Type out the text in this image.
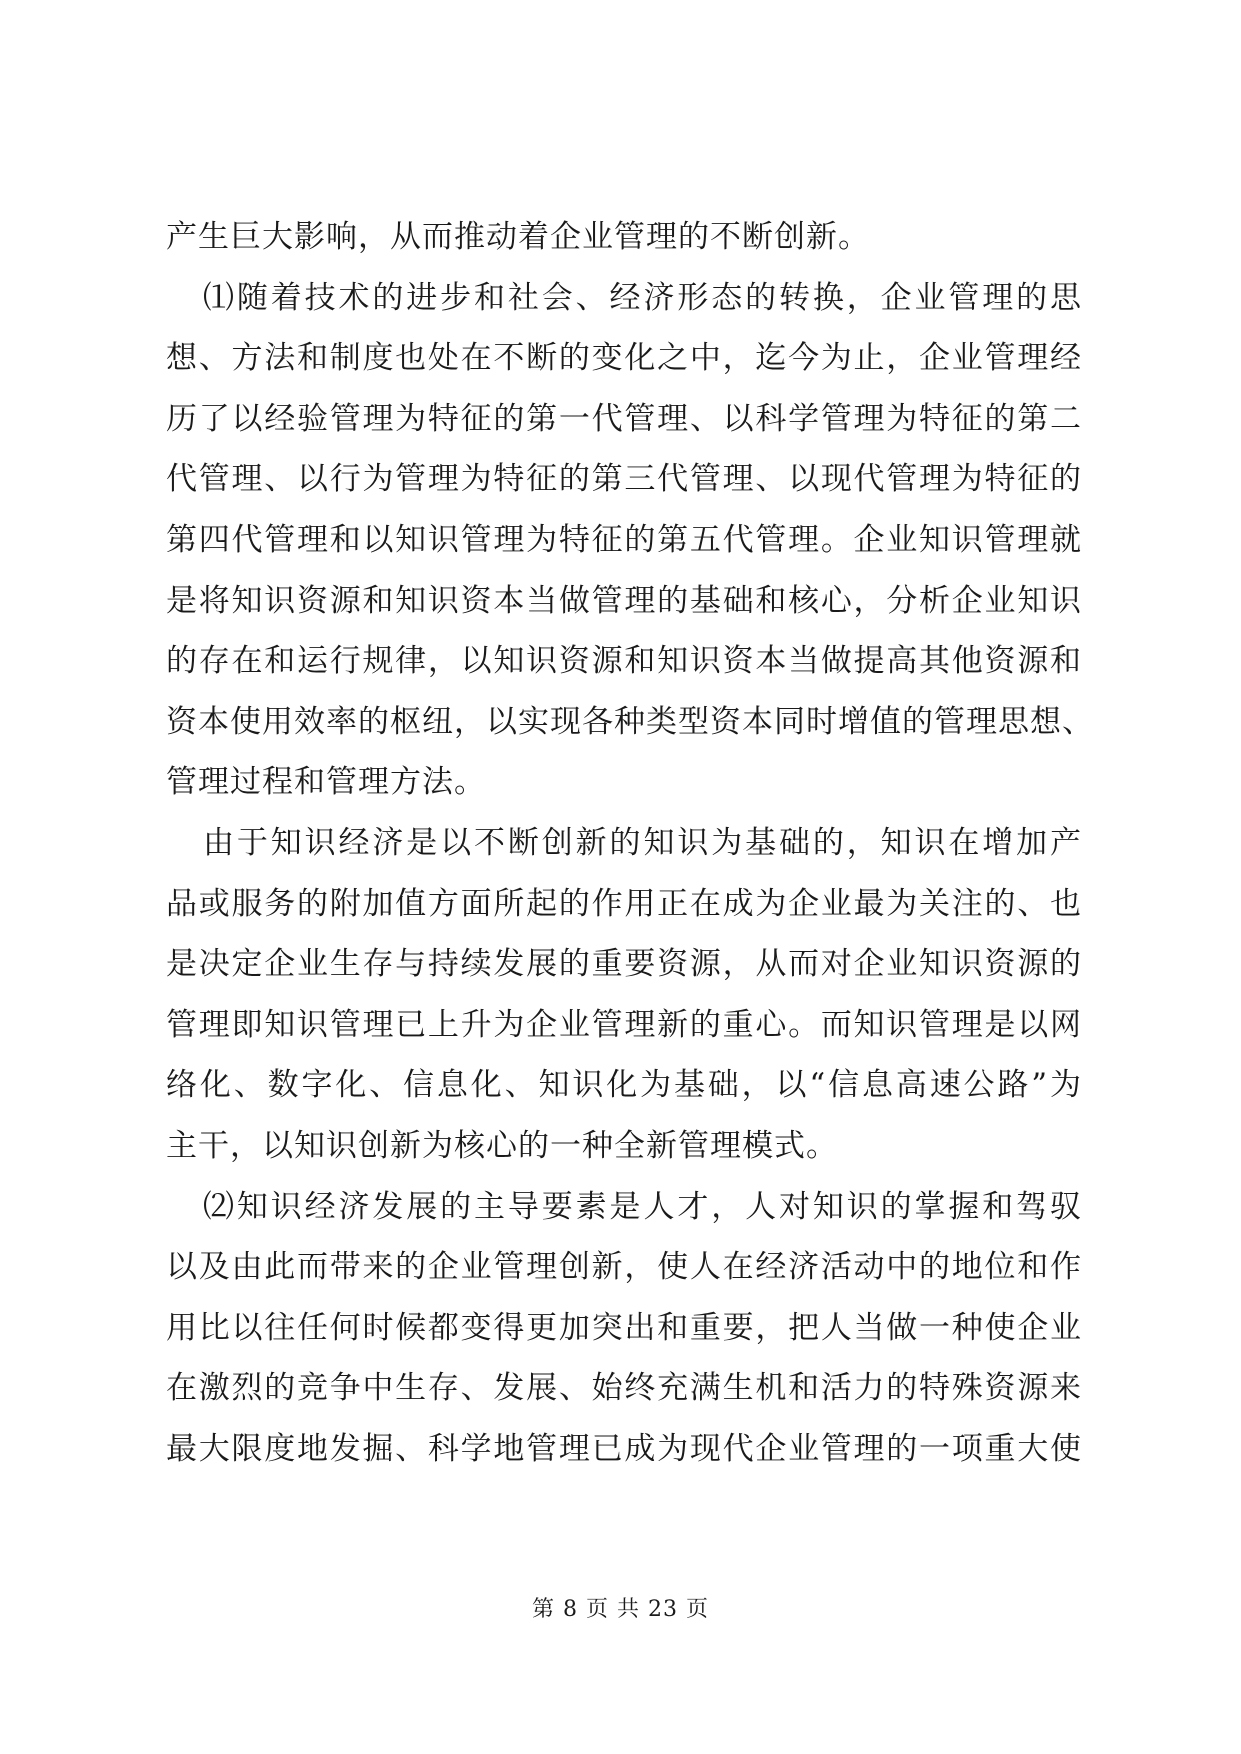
产生巨大影响，从而推动着企业管理的不断创新。
⑴随着技术的进步和社会、经济形态的转换，企业管理的思
想、方法和制度也处在不断的变化之中，迄今为止，企业管理经
历了以经验管理为特征的第一代管理、以科学管理为特征的第二
代管理、以行为管理为特征的第三代管理、以现代管理为特征的
第四代管理和以知识管理为特征的第五代管理。企业知识管理就
是将知识资源和知识资本当做管理的基础和核心，分析企业知识
的存在和运行规律，以知识资源和知识资本当做提高其他资源和
资本使用效率的枢纽，以实现各种类型资本同时增值的管理思想、
管理过程和管理方法。
由于知识经济是以不断创新的知识为基础的，知识在增加产
品或服务的附加值方面所起的作用正在成为企业最为关注的、也
是决定企业生存与持续发展的重要资源，从而对企业知识资源的
管理即知识管理已上升为企业管理新的重心。而知识管理是以网
络化、数字化、信息化、知识化为基础，以“信息高速公路”为
主干，以知识创新为核心的一种全新管理模式。
⑵知识经济发展的主导要素是人才，人对知识的掌握和驾驭
以及由此而带来的企业管理创新，使人在经济活动中的地位和作
用比以往任何时候都变得更加突出和重要，把人当做一种使企业
在激烈的竞争中生存、发展、始终充满生机和活力的特殊资源来
最大限度地发掘、科学地管理已成为现代企业管理的一项重大使
第 8 页 共 23 页
